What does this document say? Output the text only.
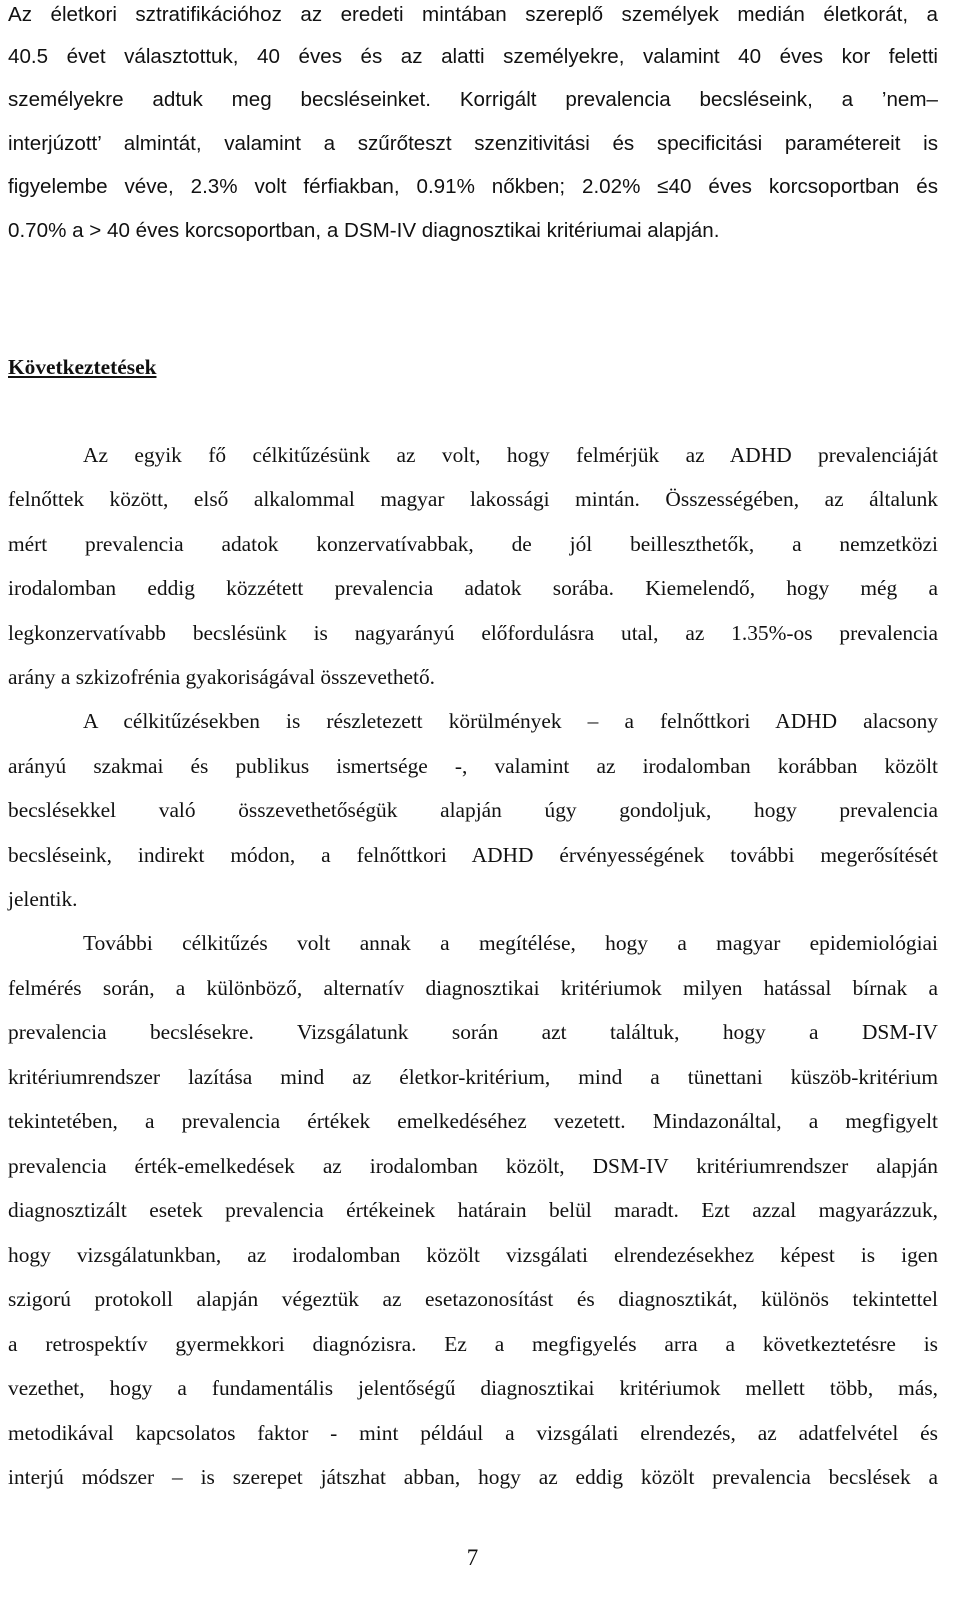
Az életkori sztratifikációhoz az eredeti mintában szereplő személyek medián életkorát, a
40.5 évet választottuk, 40 éves és az alatti személyekre, valamint 40 éves kor feletti
személyekre adtuk meg becsléseinket. Korrigált prevalencia becsléseink, a ’nem–
interjúzott’ almintát, valamint a szűrőteszt szenzitivitási és specificitási paramétereit is
figyelembe véve, 2.3% volt férfiakban, 0.91% nőkben; 2.02% ≤40 éves korcsoportban és
0.70% a > 40 éves korcsoportban, a DSM-IV diagnosztikai kritériumai alapján.
Következtetések
Az egyik fő célkitűzésünk az volt, hogy felmérjük az ADHD prevalenciáját
felnőttek között, első alkalommal magyar lakossági mintán. Összességében, az általunk
mért prevalencia adatok konzervatívabbak, de jól beilleszthetők, a nemzetközi
irodalomban eddig közzétett prevalencia adatok sorába. Kiemelendő, hogy még a
legkonzervatívabb becslésünk is nagyarányú előfordulásra utal, az 1.35%-os prevalencia
arány a szkizofrénia gyakoriságával összevethető.
A célkitűzésekben is részletezett körülmények – a felnőttkori ADHD alacsony
arányú szakmai és publikus ismertsége -, valamint az irodalomban korábban közölt
becslésekkel való összevethetőségük alapján úgy gondoljuk, hogy prevalencia
becsléseink, indirekt módon, a felnőttkori ADHD érvényességének további megerősítését
jelentik.
További célkitűzés volt annak a megítélése, hogy a magyar epidemiológiai
felmérés során, a különböző, alternatív diagnosztikai kritériumok milyen hatással bírnak a
prevalencia becslésekre. Vizsgálatunk során azt találtuk, hogy a DSM-IV
kritériumrendszer lazítása mind az életkor-kritérium, mind a tünettani küszöb-kritérium
tekintetében, a prevalencia értékek emelkedéséhez vezetett. Mindazonáltal, a megfigyelt
prevalencia érték-emelkedések az irodalomban közölt, DSM-IV kritériumrendszer alapján
diagnosztizált esetek prevalencia értékeinek határain belül maradt. Ezt azzal magyarázzuk,
hogy vizsgálatunkban, az irodalomban közölt vizsgálati elrendezésekhez képest is igen
szigorú protokoll alapján végeztük az esetazonosítást és diagnosztikát, különös tekintettel
a retrospektív gyermekkori diagnózisra. Ez a megfigyelés arra a következtetésre is
vezethet, hogy a fundamentális jelentőségű diagnosztikai kritériumok mellett több, más,
metodikával kapcsolatos faktor - mint például a vizsgálati elrendezés, az adatfelvétel és
interjú módszer – is szerepet játszhat abban, hogy az eddig közölt prevalencia becslések a
7
